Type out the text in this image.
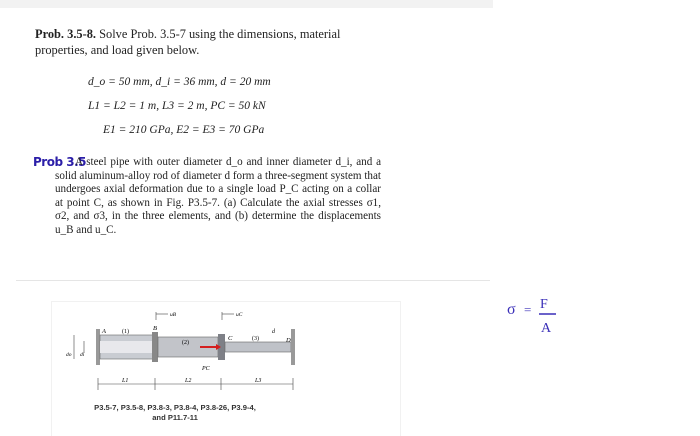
Prob. 3.5-8. Solve Prob. 3.5-7 using the dimensions, material properties, and load given below.
d_o = 50 mm, d_i = 36 mm, d = 20 mm
L1 = L2 = 1 m, L3 = 2 m, PC = 50 kN
E1 = 210 GPa, E2 = E3 = 70 GPa
Prob 3.5
A steel pipe with outer diameter d_o and inner diameter d_i, and a solid aluminum-alloy rod of diameter d form a three-segment system that undergoes axial deformation due to a single load P_C acting on a collar at point C, as shown in Fig. P3.5-7. (a) Calculate the axial stresses σ1, σ2, and σ3, in the three elements, and (b) determine the displacements u_B and u_C.
A	(1)	B
(2)
C	(3)	D
d
PC
uB	uC
do di
L1	L2	L3
P3.5-7, P3.5-8, P3.8-3, P3.8-4, P3.8-26, P3.9-4,
and P11.7-11
σ = F
A
